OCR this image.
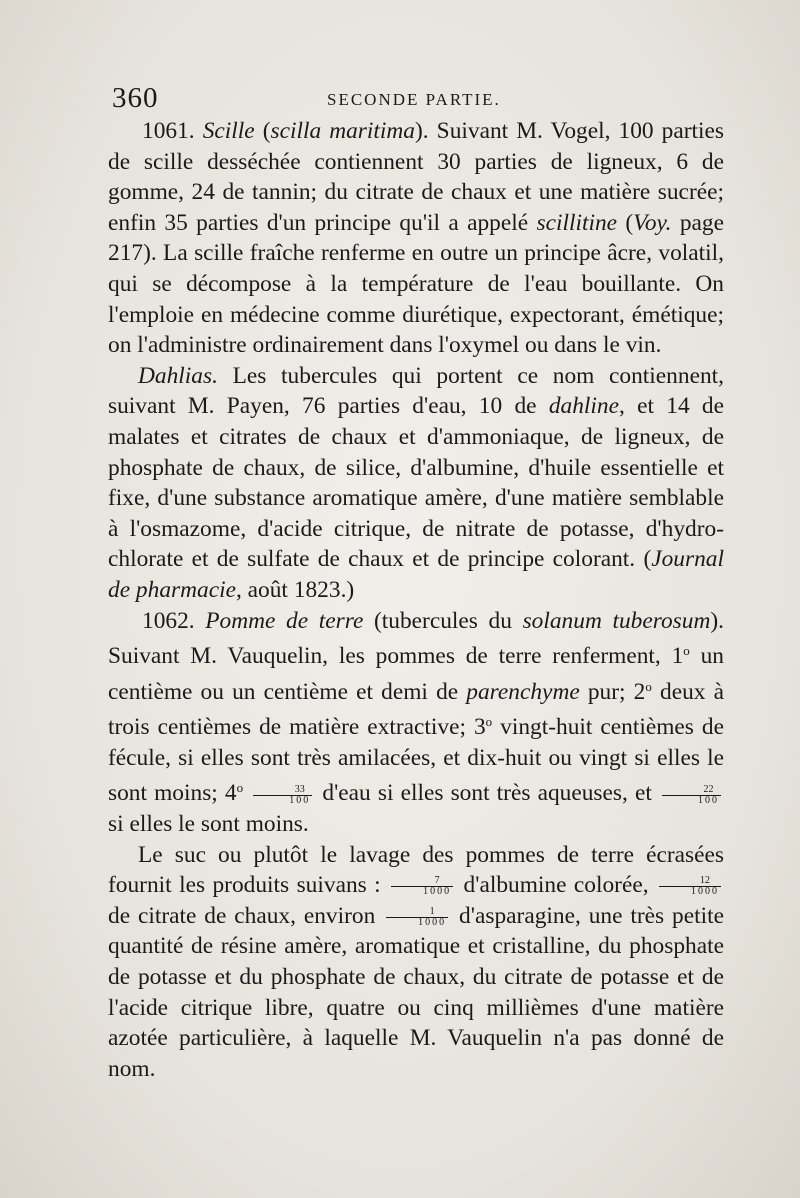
360	SECONDE PARTIE.

1061. Scille (scilla maritima). Suivant M. Vogel, 100 parties de scille desséchée contiennent 30 parties de ligneux, 6 de gomme, 24 de tannin; du citrate de chaux et une matière sucrée; enfin 35 parties d'un principe qu'il a appelé scillitine (Voy. page 217). La scille fraîche renferme en outre un principe âcre, volatil, qui se décompose à la température de l'eau bouillante. On l'emploie en médecine comme diurétique, expectorant, émétique; on l'administre ordinairement dans l'oxymel ou dans le vin.

Dahlias. Les tubercules qui portent ce nom contiennent, suivant M. Payen, 76 parties d'eau, 10 de dahline, et 14 de malates et citrates de chaux et d'ammoniaque, de ligneux, de phosphate de chaux, de silice, d'albumine, d'huile essentielle et fixe, d'une substance aromatique amère, d'une matière semblable à l'osmazome, d'acide citrique, de nitrate de potasse, d'hydro-chlorate et de sulfate de chaux et de principe colorant. (Journal de pharmacie, août 1823.)

1062. Pomme de terre (tubercules du solanum tuberosum). Suivant M. Vauquelin, les pommes de terre renferment, 1$^o$ un centième ou un centième et demi de parenchyme pur; 2$^o$ deux à trois centièmes de matière extractive; 3$^o$ vingt-huit centièmes de fécule, si elles sont très amilacées, et dix-huit ou vingt si elles le sont moins; $4^o \frac{33}{100} d'eau$ si elles sont très aqueuses, et $\frac{22}{100}$
si elles le sont moins.

Le suc ou plutôt le lavage des pommes de terre écrasées fournit les produits suivans : $\frac{7}{1000}$ d'albumine colorée, $\frac{12}{1000}$
de citrate de chaux, environ $\frac{1}{1000}$ d'asparagine, une très petite quantité de résine amère, aromatique et cristalline, du phosphate de potasse et du phosphate de chaux, du citrate de potasse et de l'acide citrique libre, quatre ou cinq millièmes d'une matière azotée particulière, à laquelle M. Vauquelin n'a pas donné de nom.
